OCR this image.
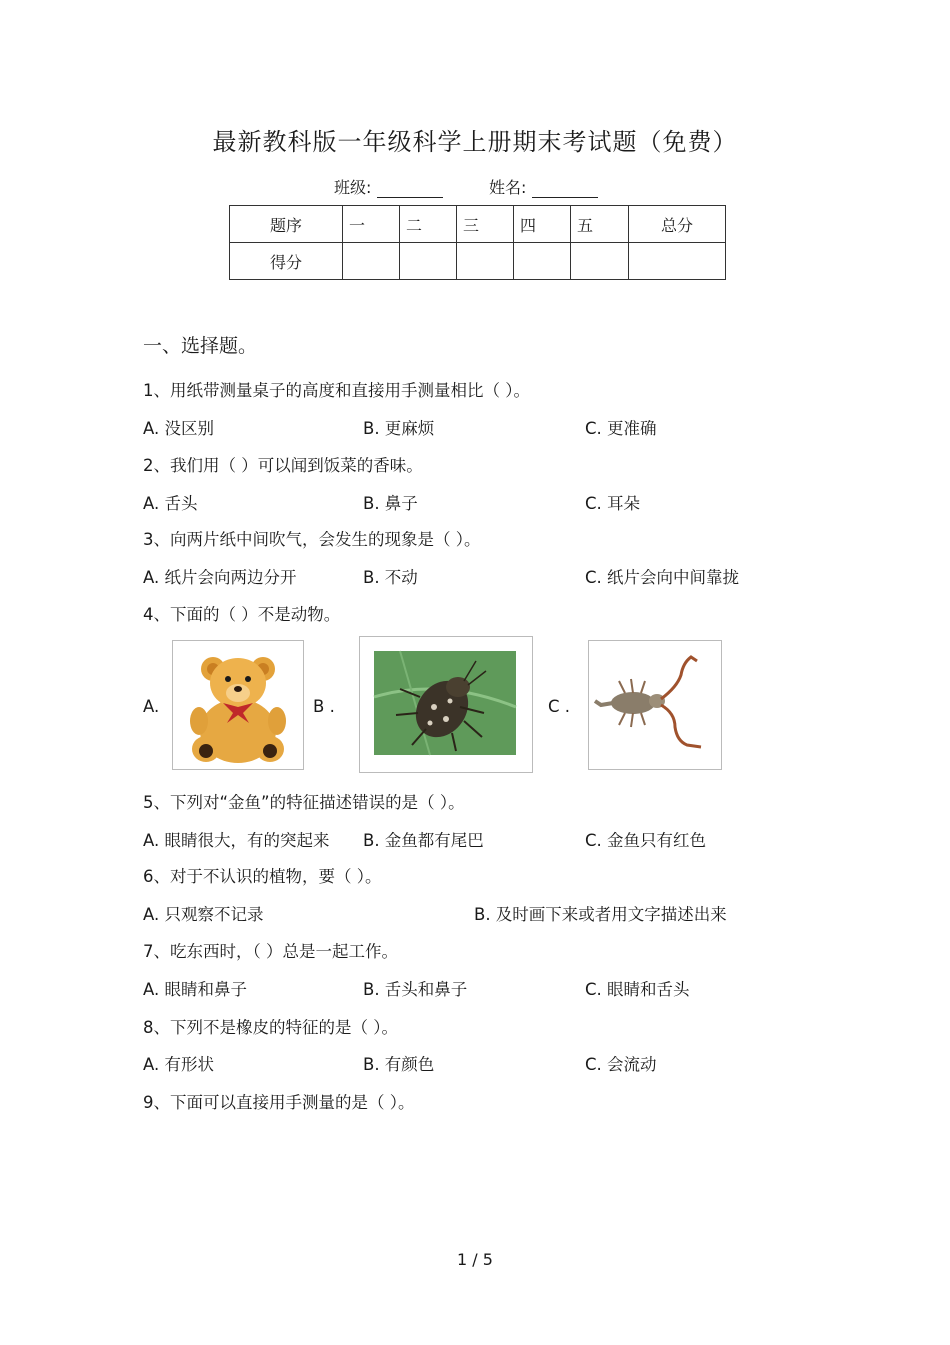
最新教科版一年级科学上册期末考试题（免费）
班级:	姓名:
题序	一	二	三	四	五	总分
得分						
一、选择题。
1、用纸带测量桌子的高度和直接用手测量相比（ ）。
A. 没区别	B. 更麻烦	C. 更准确
2、我们用（ ）可以闻到饭菜的香味。
A. 舌头	B. 鼻子	C. 耳朵
3、向两片纸中间吹气，会发生的现象是（ ）。
A. 纸片会向两边分开	B. 不动	C. 纸片会向中间靠拢
4、下面的（ ）不是动物。
A.	B .	C .
5、下列对“金鱼”的特征描述错误的是（ ）。
A. 眼睛很大，有的突起来 B. 金鱼都有尾巴	C. 金鱼只有红色
6、对于不认识的植物，要（ ）。
A. 只观察不记录	B. 及时画下来或者用文字描述出来
7、吃东西时，（ ）总是一起工作。
A. 眼睛和鼻子	B. 舌头和鼻子	C. 眼睛和舌头
8、下列不是橡皮的特征的是（ ）。
A. 有形状	B. 有颜色	C. 会流动
9、下面可以直接用手测量的是（ ）。
1 / 5
